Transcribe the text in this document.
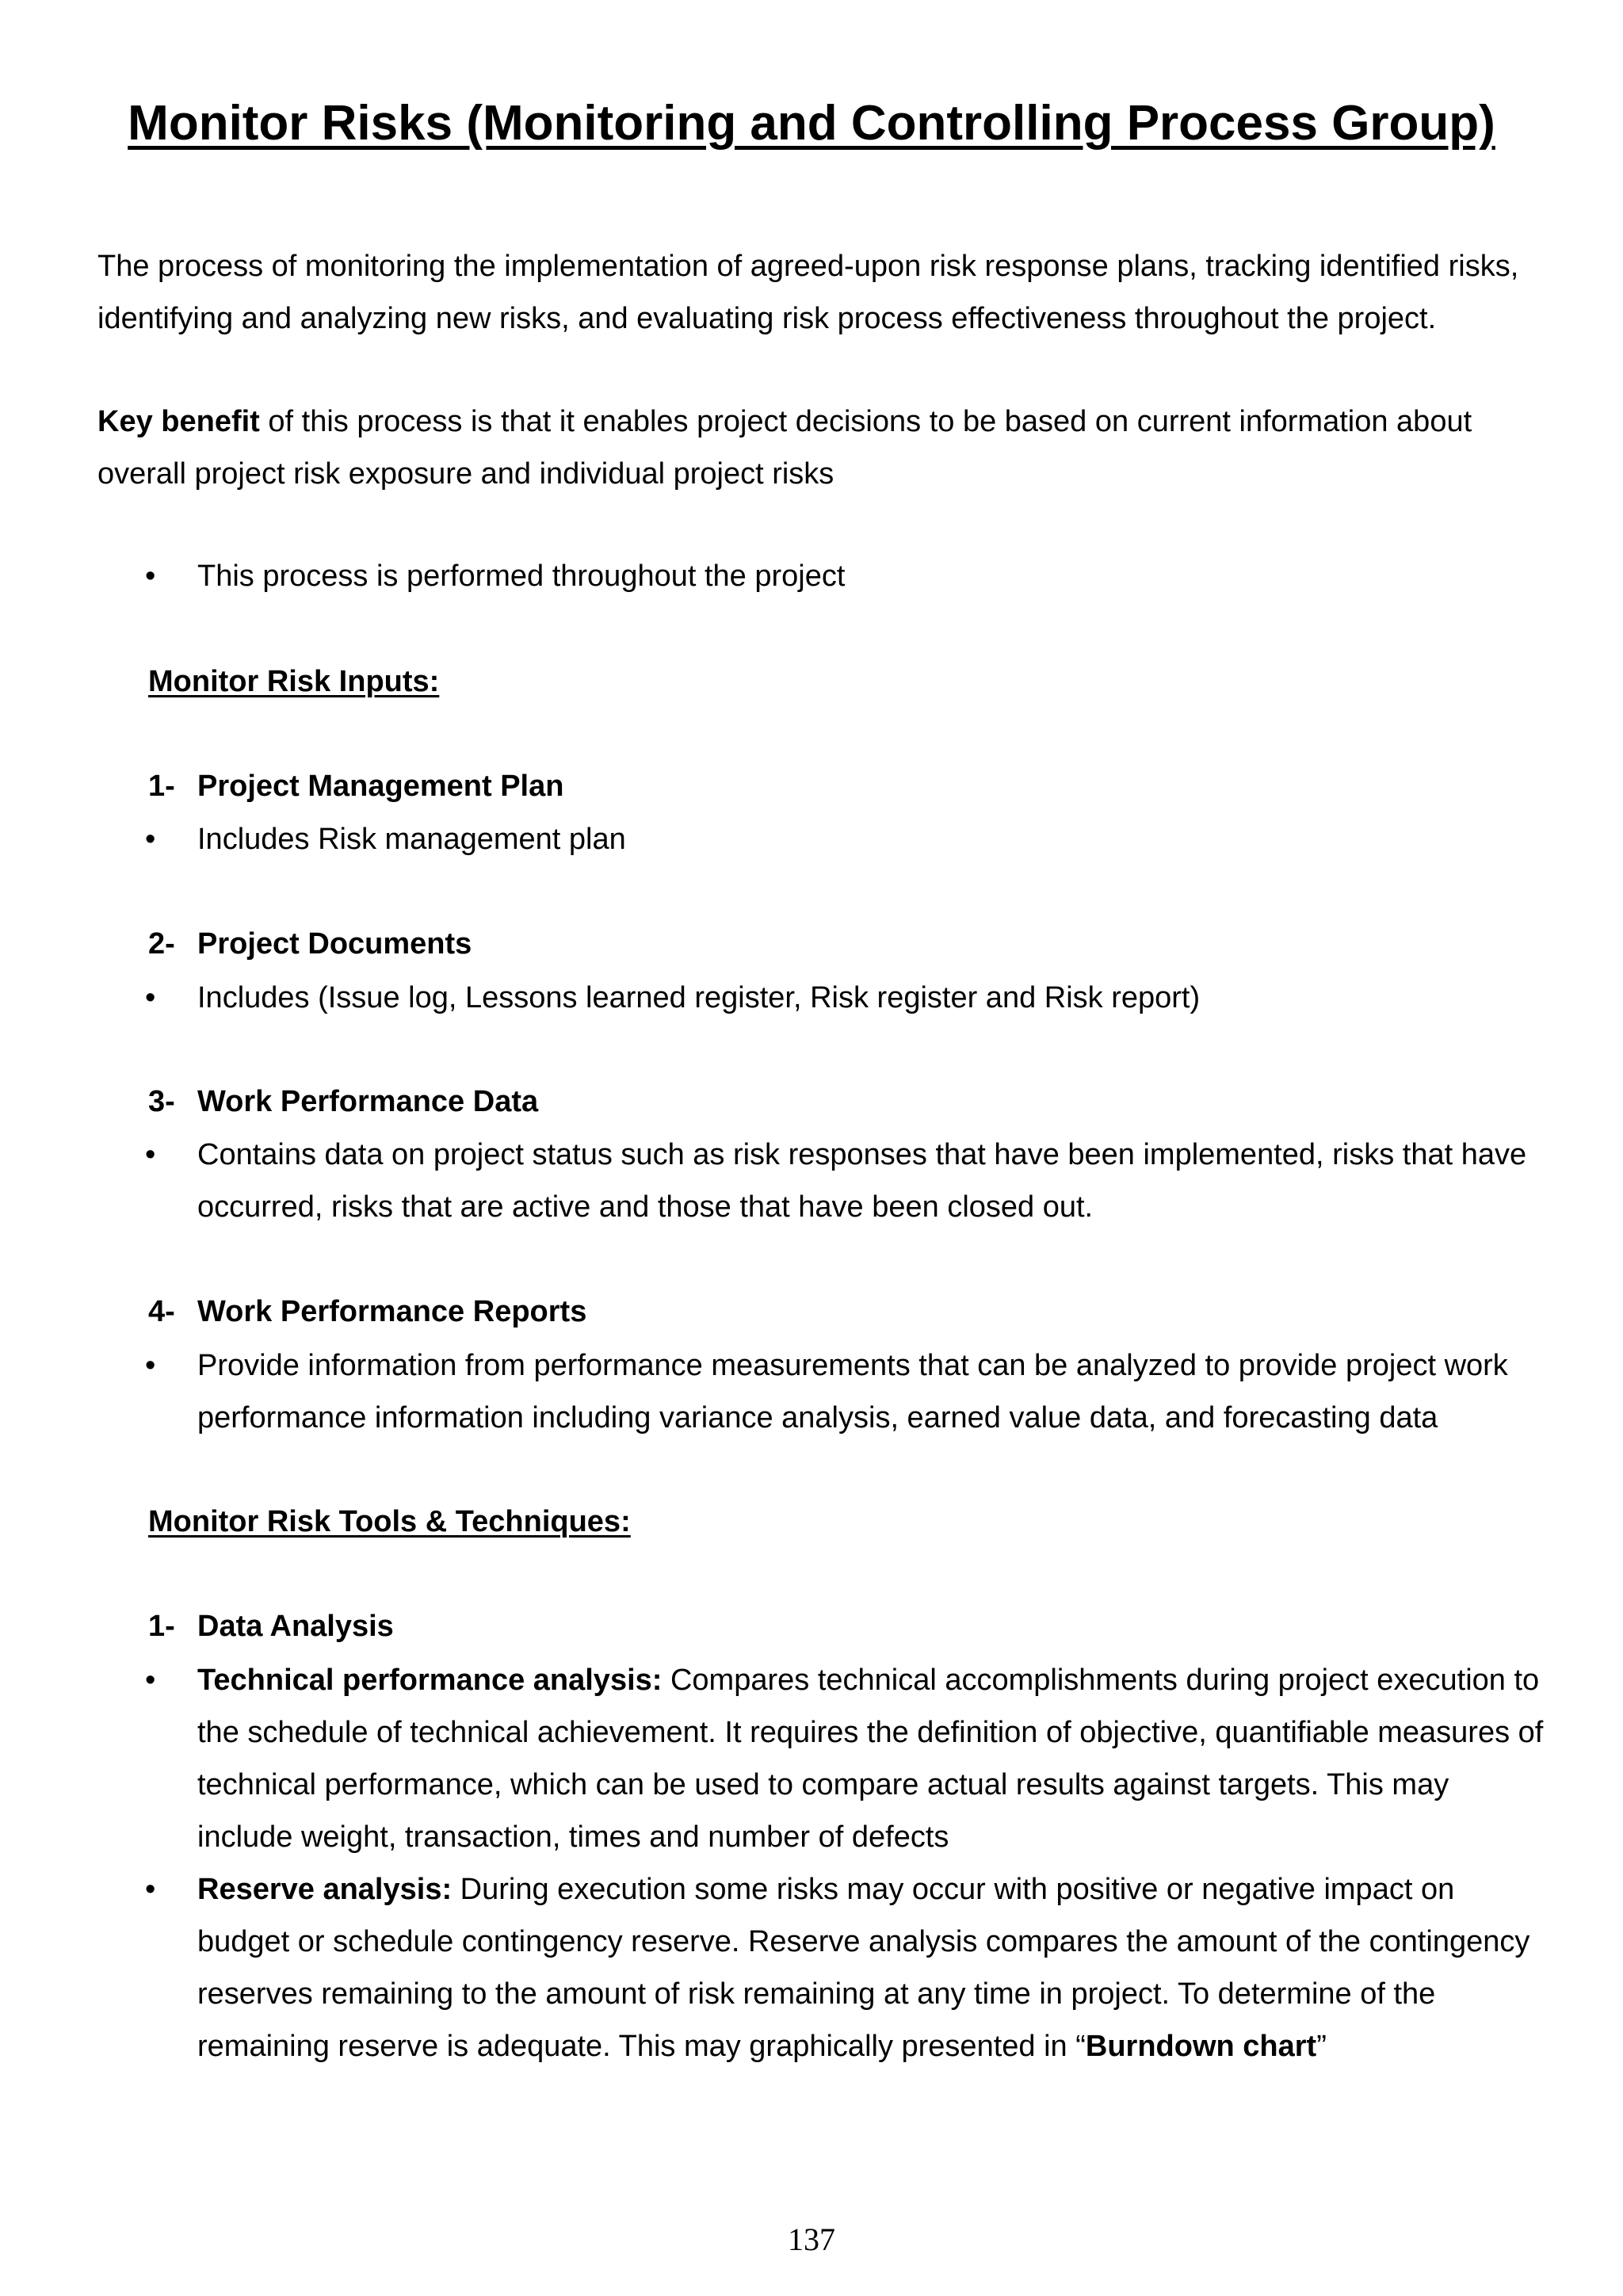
Monitor Risks (Monitoring and Controlling Process Group)
The process of monitoring the implementation of agreed-upon risk response plans, tracking identified risks, identifying and analyzing new risks, and evaluating risk process effectiveness throughout the project.
Key benefit of this process is that it enables project decisions to be based on current information about overall project risk exposure and individual project risks
•	This process is performed throughout the project
Monitor Risk Inputs:
1- Project Management Plan
•	Includes Risk management plan
2- Project Documents
•	Includes (Issue log, Lessons learned register, Risk register and Risk report)
3- Work Performance Data
•	Contains data on project status such as risk responses that have been implemented, risks that have occurred, risks that are active and those that have been closed out.
4- Work Performance Reports
•	Provide information from performance measurements that can be analyzed to provide project work performance information including variance analysis, earned value data, and forecasting data
Monitor Risk Tools & Techniques:
1- Data Analysis
•	Technical performance analysis: Compares technical accomplishments during project execution to the schedule of technical achievement. It requires the definition of objective, quantifiable measures of technical performance, which can be used to compare actual results against targets. This may include weight, transaction, times and number of defects
•	Reserve analysis: During execution some risks may occur with positive or negative impact on budget or schedule contingency reserve. Reserve analysis compares the amount of the contingency reserves remaining to the amount of risk remaining at any time in project. To determine of the remaining reserve is adequate. This may graphically presented in “Burndown chart”
137
